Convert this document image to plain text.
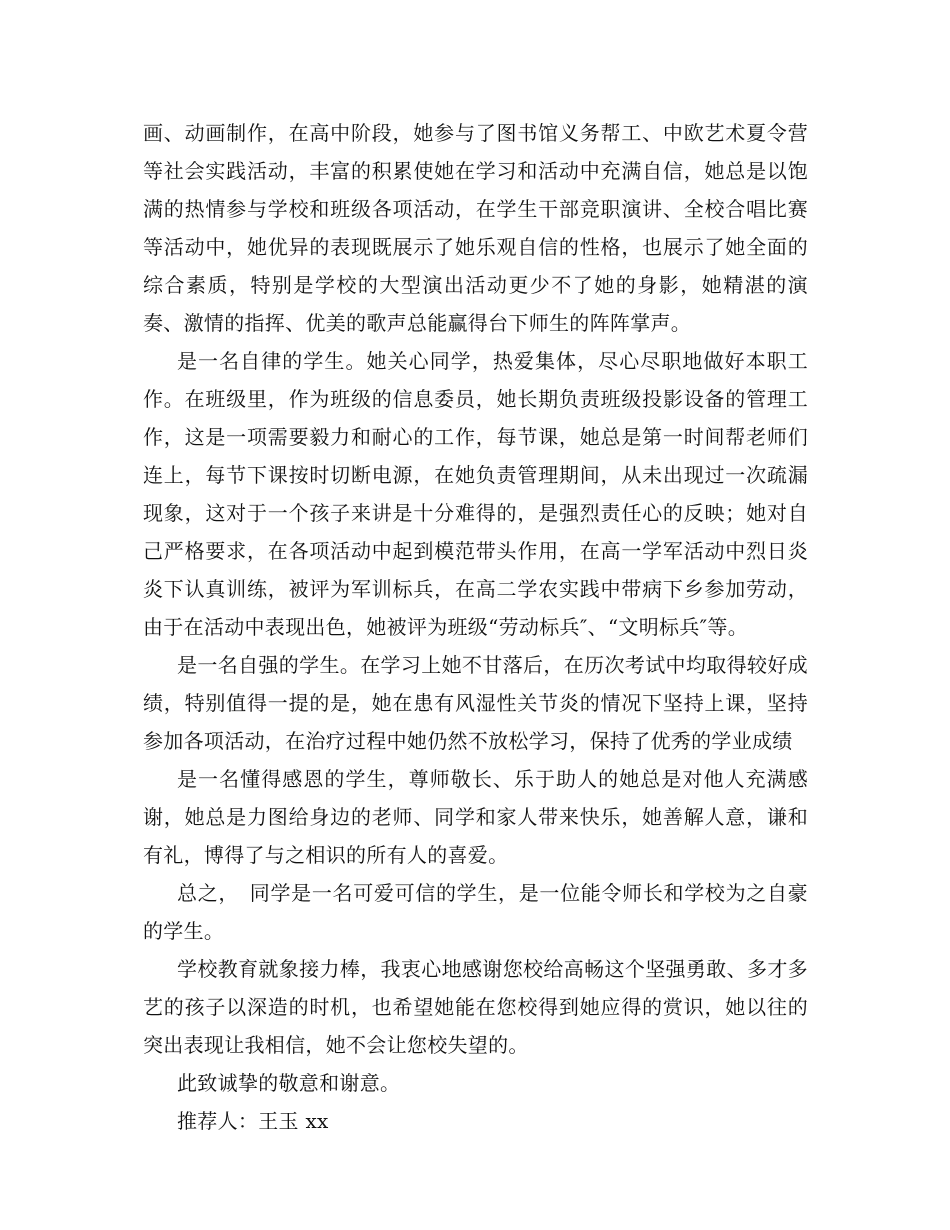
画、动画制作，在高中阶段，她参与了图书馆义务帮工、中欧艺术夏令营等社会实践活动，丰富的积累使她在学习和活动中充满自信，她总是以饱满的热情参与学校和班级各项活动，在学生干部竞职演讲、全校合唱比赛等活动中，她优异的表现既展示了她乐观自信的性格，也展示了她全面的综合素质，特别是学校的大型演出活动更少不了她的身影，她精湛的演奏、激情的指挥、优美的歌声总能赢得台下师生的阵阵掌声。

是一名自律的学生。她关心同学，热爱集体，尽心尽职地做好本职工作。在班级里，作为班级的信息委员，她长期负责班级投影设备的管理工作，这是一项需要毅力和耐心的工作，每节课，她总是第一时间帮老师们连上，每节下课按时切断电源，在她负责管理期间，从未出现过一次疏漏现象，这对于一个孩子来讲是十分难得的，是强烈责任心的反映；她对自己严格要求，在各项活动中起到模范带头作用，在高一学军活动中烈日炎炎下认真训练，被评为军训标兵，在高二学农实践中带病下乡参加劳动，由于在活动中表现出色，她被评为班级“劳动标兵″、“文明标兵″等。

是一名自强的学生。在学习上她不甘落后，在历次考试中均取得较好成绩，特别值得一提的是，她在患有风湿性关节炎的情况下坚持上课，坚持参加各项活动，在治疗过程中她仍然不放松学习，保持了优秀的学业成绩

是一名懂得感恩的学生，尊师敬长、乐于助人的她总是对他人充满感谢，她总是力图给身边的老师、同学和家人带来快乐，她善解人意，谦和有礼，博得了与之相识的所有人的喜爱。

总之，　同学是一名可爱可信的学生，是一位能令师长和学校为之自豪的学生。

学校教育就象接力棒，我衷心地感谢您校给高畅这个坚强勇敢、多才多艺的孩子以深造的时机，也希望她能在您校得到她应得的赏识，她以往的突出表现让我相信，她不会让您校失望的。

此致诚挚的敬意和谢意。

推荐人：王玉 xx
